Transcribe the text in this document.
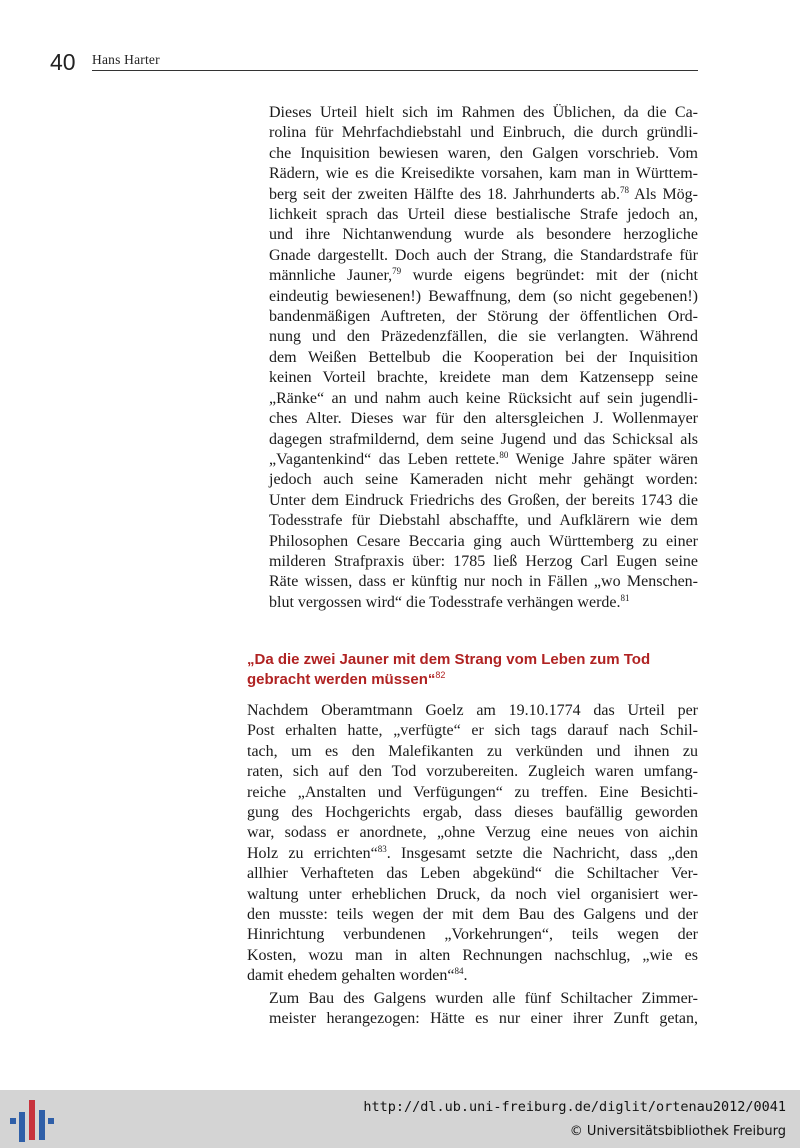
40 Hans Harter
Dieses Urteil hielt sich im Rahmen des Üblichen, da die Ca-
rolina für Mehrfachdiebstahl und Einbruch, die durch gründli-
che Inquisition bewiesen waren, den Galgen vorschrieb. Vom
Rädern, wie es die Kreisedikte vorsahen, kam man in Württem-
berg seit der zweiten Hälfte des 18. Jahrhunderts ab.$^{78}$ Als Mög-
lichkeit sprach das Urteil diese bestialische Strafe jedoch an,
und ihre Nichtanwendung wurde als besondere herzogliche
Gnade dargestellt. Doch auch der Strang, die Standardstrafe für
männliche Jauner,$^{79}$ wurde eigens begründet: mit der (nicht
eindeutig bewiesenen!) Bewaffnung, dem (so nicht gegebenen!)
bandenmäßigen Auftreten, der Störung der öffentlichen Ord-
nung und den Präzedenzfällen, die sie verlangten. Während
dem Weißen Bettelbub die Kooperation bei der Inquisition
keinen Vorteil brachte, kreidete man dem Katzensepp seine
„Ränke“ an und nahm auch keine Rücksicht auf sein jugendli-
ches Alter. Dieses war für den altersgleichen J. Wollenmayer
dagegen strafmildernd, dem seine Jugend und das Schicksal als
„Vagantenkind“ das Leben rettete.$^{80}$ Wenige Jahre später wären
jedoch auch seine Kameraden nicht mehr gehängt worden:
Unter dem Eindruck Friedrichs des Großen, der bereits 1743 die
Todesstrafe für Diebstahl abschaffte, und Aufklärern wie dem
Philosophen Cesare Beccaria ging auch Württemberg zu einer
milderen Strafpraxis über: 1785 ließ Herzog Carl Eugen seine
Räte wissen, dass er künftig nur noch in Fällen „wo Menschen-
blut vergossen wird“ die Todesstrafe verhängen werde.$^{81}$
„Da die zwei Jauner mit dem Strang vom Leben zum Tod
gebracht werden müssen“$^{82}$
Nachdem Oberamtmann Goelz am 19.10.1774 das Urteil per
Post erhalten hatte, „verfügte“ er sich tags darauf nach Schil-
tach, um es den Malefikanten zu verkünden und ihnen zu
raten, sich auf den Tod vorzubereiten. Zugleich waren umfang-
reiche „Anstalten und Verfügungen“ zu treffen. Eine Besichti-
gung des Hochgerichts ergab, dass dieses baufällig geworden
war, sodass er anordnete, „ohne Verzug eine neues von aichin
Holz zu errichten“$^{83}$. Insgesamt setzte die Nachricht, dass „den
allhier Verhafteten das Leben abgekünd“ die Schiltacher Ver-
waltung unter erheblichen Druck, da noch viel organisiert wer-
den musste: teils wegen der mit dem Bau des Galgens und der
Hinrichtung verbundenen „Vorkehrungen“, teils wegen der
Kosten, wozu man in alten Rechnungen nachschlug, „wie es
damit ehedem gehalten worden“$^{84}$.
Zum Bau des Galgens wurden alle fünf Schiltacher Zimmer-
meister herangezogen: Hätte es nur einer ihrer Zunft getan,
http://dl.ub.uni-freiburg.de/diglit/ortenau2012/0041
© Universitätsbibliothek Freiburg
